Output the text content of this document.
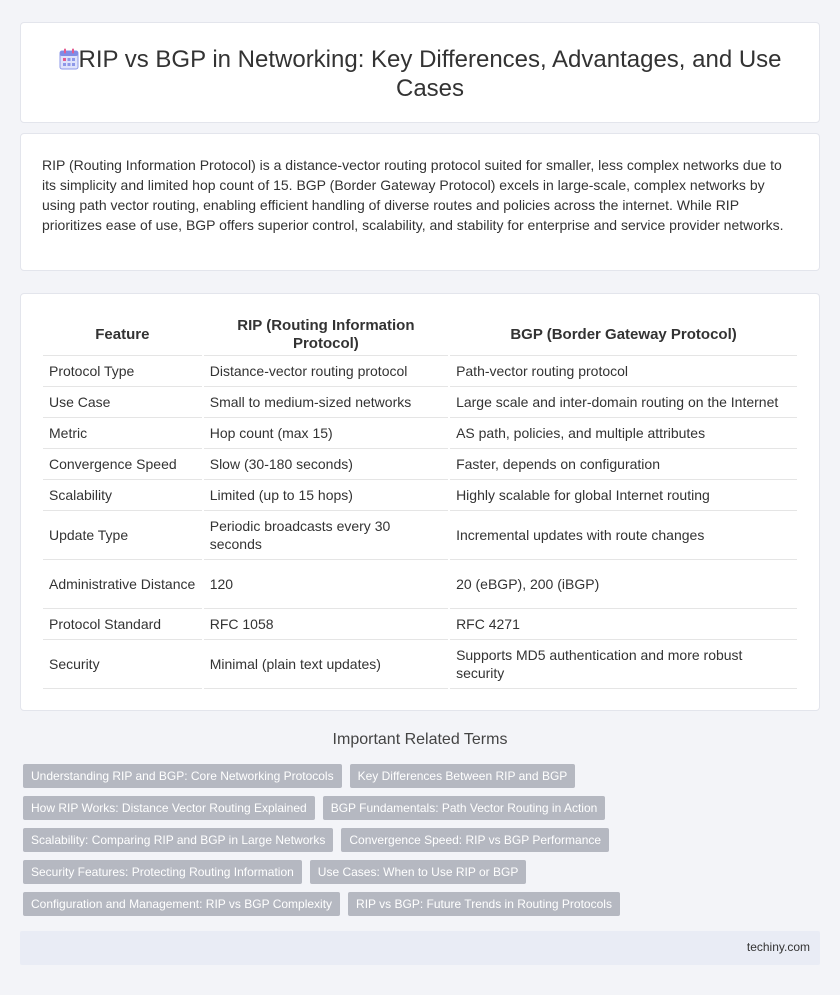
RIP vs BGP in Networking: Key Differences, Advantages, and Use Cases

RIP (Routing Information Protocol) is a distance-vector routing protocol suited for smaller, less complex networks due to its simplicity and limited hop count of 15. BGP (Border Gateway Protocol) excels in large-scale, complex networks by using path vector routing, enabling efficient handling of diverse routes and policies across the internet. While RIP prioritizes ease of use, BGP offers superior control, scalability, and stability for enterprise and service provider networks.

Feature	RIP (Routing Information Protocol)	BGP (Border Gateway Protocol)
Protocol Type	Distance-vector routing protocol	Path-vector routing protocol
Use Case	Small to medium-sized networks	Large scale and inter-domain routing on the Internet
Metric	Hop count (max 15)	AS path, policies, and multiple attributes
Convergence Speed	Slow (30-180 seconds)	Faster, depends on configuration
Scalability	Limited (up to 15 hops)	Highly scalable for global Internet routing
Update Type	Periodic broadcasts every 30 seconds	Incremental updates with route changes
Administrative Distance	120	20 (eBGP), 200 (iBGP)
Protocol Standard	RFC 1058	RFC 4271
Security	Minimal (plain text updates)	Supports MD5 authentication and more robust security
Important Related Terms
Understanding RIP and BGP: Core Networking Protocols	Key Differences Between RIP and BGP
How RIP Works: Distance Vector Routing Explained	BGP Fundamentals: Path Vector Routing in Action
Scalability: Comparing RIP and BGP in Large Networks	Convergence Speed: RIP vs BGP Performance
Security Features: Protecting Routing Information	Use Cases: When to Use RIP or BGP
Configuration and Management: RIP vs BGP Complexity	RIP vs BGP: Future Trends in Routing Protocols
techiny.com
